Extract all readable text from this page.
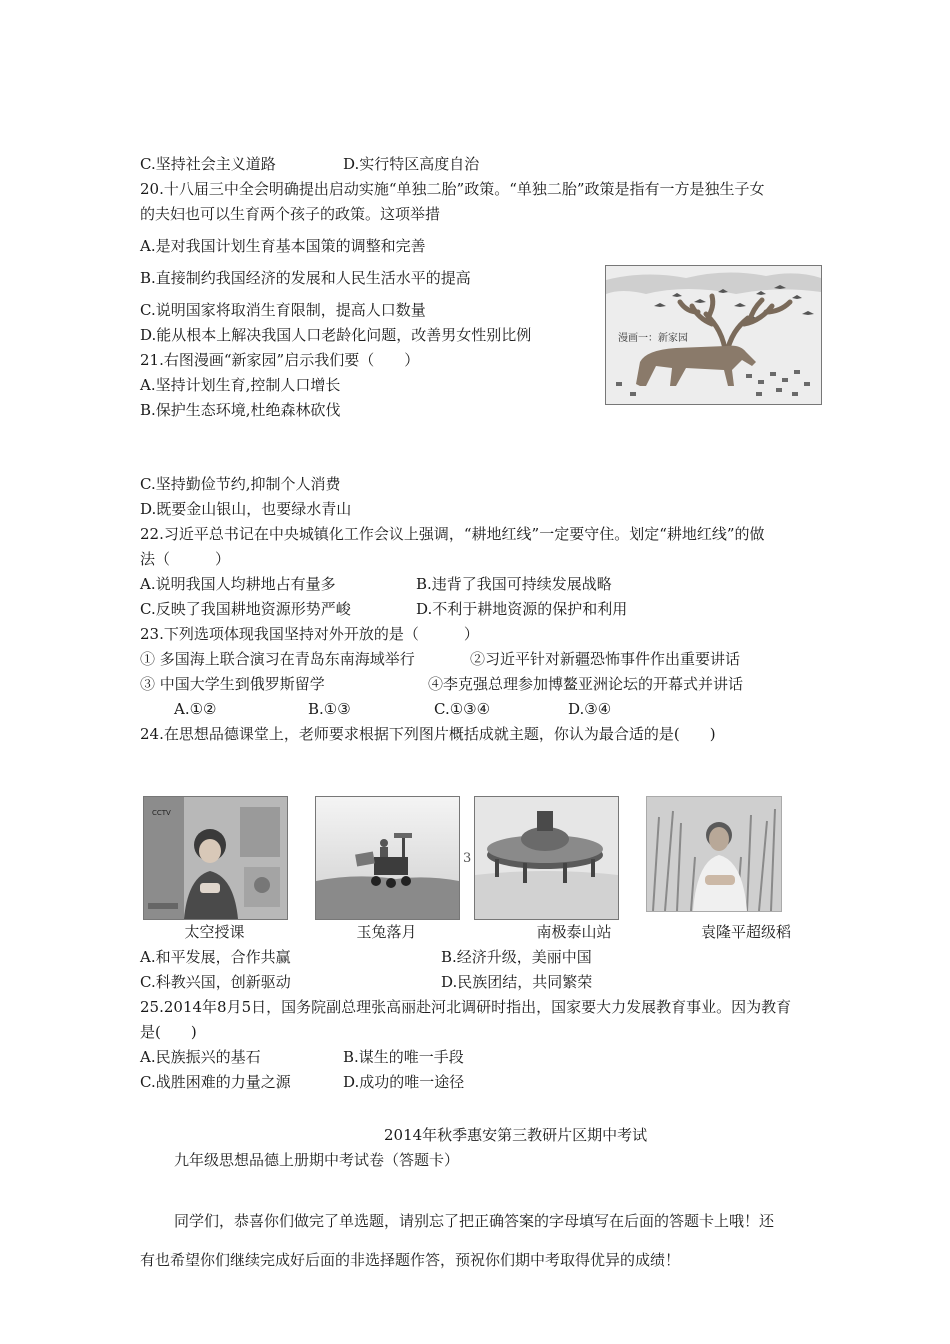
C.坚持社会主义道路	D.实行特区高度自治
20.十八届三中全会明确提出启动实施“单独二胎”政策。“单独二胎”政策是指有一方是独生子女
的夫妇也可以生育两个孩子的政策。这项举措
A.是对我国计划生育基本国策的调整和完善
B.直接制约我国经济的发展和人民生活水平的提高
C.说明国家将取消生育限制，提高人口数量
D.能从根本上解决我国人口老龄化问题，改善男女性别比例	漫画一：新家园
21.右图漫画“新家园”启示我们要（　　）
A.坚持计划生育,控制人口增长
B.保护生态环境,杜绝森林砍伐
C.坚持勤俭节约,抑制个人消费
D.既要金山银山，也要绿水青山
22.习近平总书记在中央城镇化工作会议上强调，“耕地红线”一定要守住。划定“耕地红线”的做
法（　　　）
A.说明我国人均耕地占有量多	B.违背了我国可持续发展战略
C.反映了我国耕地资源形势严峻	D.不利于耕地资源的保护和利用
23.下列选项体现我国坚持对外开放的是（　　　）
① 多国海上联合演习在青岛东南海域举行	②习近平针对新疆恐怖事件作出重要讲话
③ 中国大学生到俄罗斯留学	④李克强总理参加博鳌亚洲论坛的开幕式并讲话
A.①②	B.①③	C.①③④	D.③④
24.在思想品德课堂上，老师要求根据下列图片概括成就主题，你认为最合适的是(　　)
CCTV
3
太空授课	玉兔落月	南极泰山站	袁隆平超级稻
A.和平发展，合作共赢	B.经济升级，美丽中国
C.科教兴国，创新驱动	D.民族团结，共同繁荣
25.2014年8月5日，国务院副总理张高丽赴河北调研时指出，国家要大力发展教育事业。因为教育
是(　　)
A.民族振兴的基石	B.谋生的唯一手段
C.战胜困难的力量之源	D.成功的唯一途径
2014年秋季惠安第三教研片区期中考试
九年级思想品德上册期中考试卷（答题卡）
同学们，恭喜你们做完了单选题，请别忘了把正确答案的字母填写在后面的答题卡上哦！还
有也希望你们继续完成好后面的非选择题作答，预祝你们期中考取得优异的成绩！
